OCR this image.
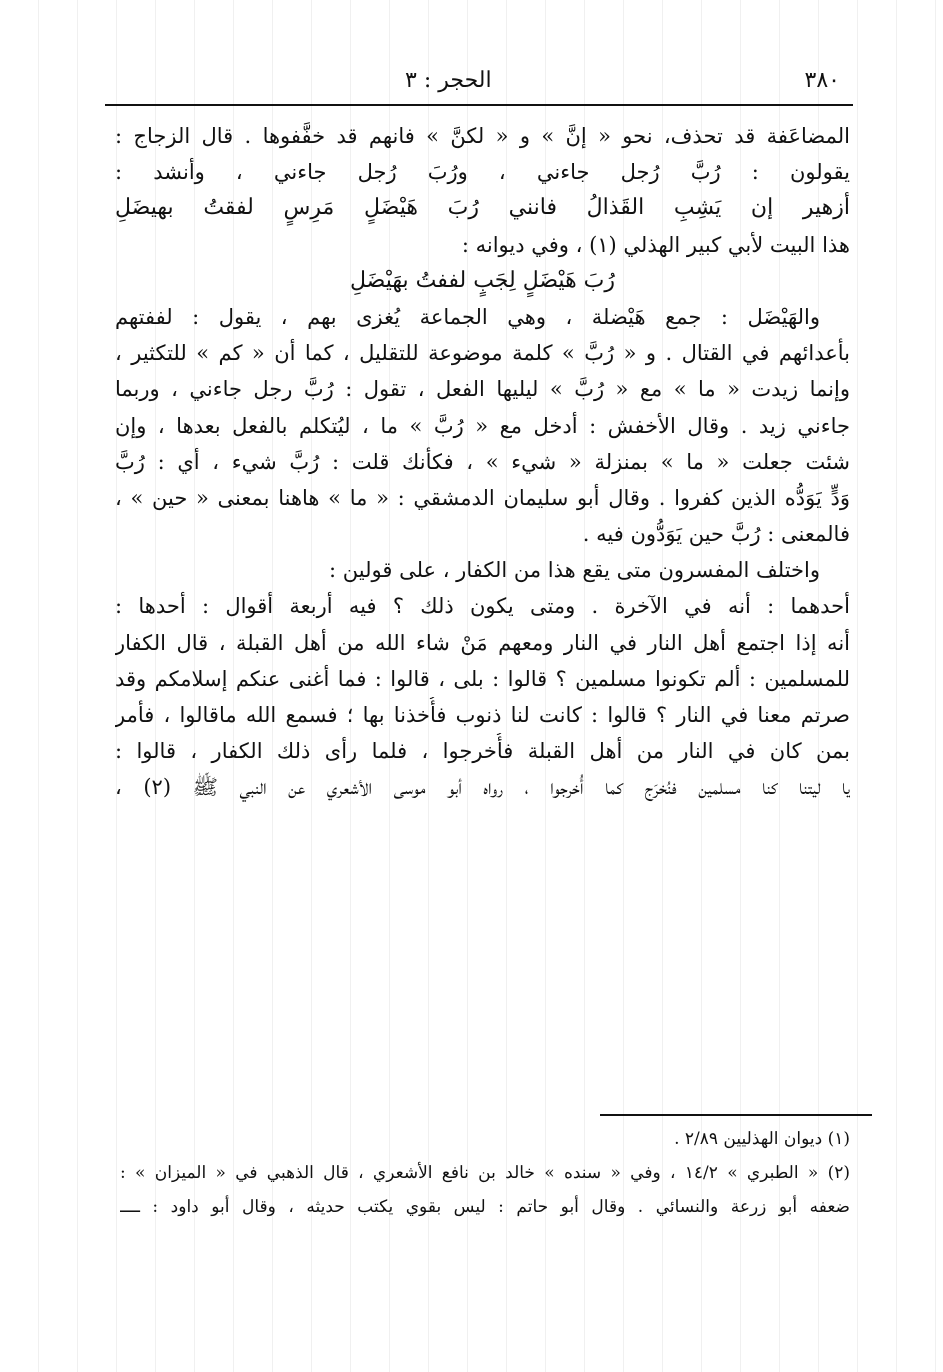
٣٨٠
الحجر : ٣
المضاعَفة قد تحذف، نحو « إنَّ » و « لكنَّ » فانهم قد خفَّفوها . قال الزجاج :
يقولون : رُبَّ رُجل جاءني ، ورُبَ رُجل جاءني ، وأنشد :
أزهير إن يَشِبِ القَذالُ فانني رُبَ هَيْضَلٍ مَرِسٍ لفقتُ بهيضَلِ
هذا البيت لأبي كبير الهذلي (١) ، وفي ديوانه :
رُبَ هَيْضَلٍ لِجَبٍ لففتُ بهَيْضَلِ
والهَيْضَل : جمع هَيْضلة ، وهي الجماعة يُغزى بهم ، يقول : لففتهم
بأعدائهم في القتال . و « رُبَّ » كلمة موضوعة للتقليل ، كما أن « كم » للتكثير ،
وإنما زيدت « ما » مع « رُبَّ » ليليها الفعل ، تقول : رُبَّ رجل جاءني ، وربما
جاءني زيد . وقال الأخفش : أدخل مع « رُبَّ » ما ، ليُتكلم بالفعل بعدها ، وإن
شئت جعلت « ما » بمنزلة « شيء » ، فكأنك قلت : رُبَّ شيء ، أي : رُبَّ
وَدٍّ يَوَدُّه الذين كفروا . وقال أبو سليمان الدمشقي : « ما » هاهنا بمعنى « حين » ،
فالمعنى : رُبَّ حين يَوَدُّون فيه .
واختلف المفسرون متى يقع هذا من الكفار ، على قولين :
أحدهما : أنه في الآخرة . ومتى يكون ذلك ؟ فيه أربعة أقوال : أحدها :
أنه إذا اجتمع أهل النار في النار ومعهم مَنْ شاء الله من أهل القبلة ، قال الكفار
للمسلمين : ألم تكونوا مسلمين ؟ قالوا : بلى ، قالوا : فما أغنى عنكم إسلامكم وقد
صرتم معنا في النار ؟ قالوا : كانت لنا ذنوب فأُخذنا بها ؛ فسمع الله ماقالوا ، فأمر
بمن كان في النار من أهل القبلة فأُخرجوا ، فلما رأى ذلك الكفار ، قالوا :
يا ليتنا كنا مسلمين فنُخرَج كما أُخرجوا ، رواه أبو موسى الأشعري عن النبي ﷺ (٢) ،
(١) ديوان الهذليين ٢/٨٩ .
(٢) « الطبري » ١٤/٢ ، وفي « سنده » خالد بن نافع الأشعري ، قال الذهبي في « الميزان » :
ضعفه أبو زرعة والنسائي . وقال أبو حاتم : ليس بقوي يكتب حديثه ، وقال أبو داود : ــــ
